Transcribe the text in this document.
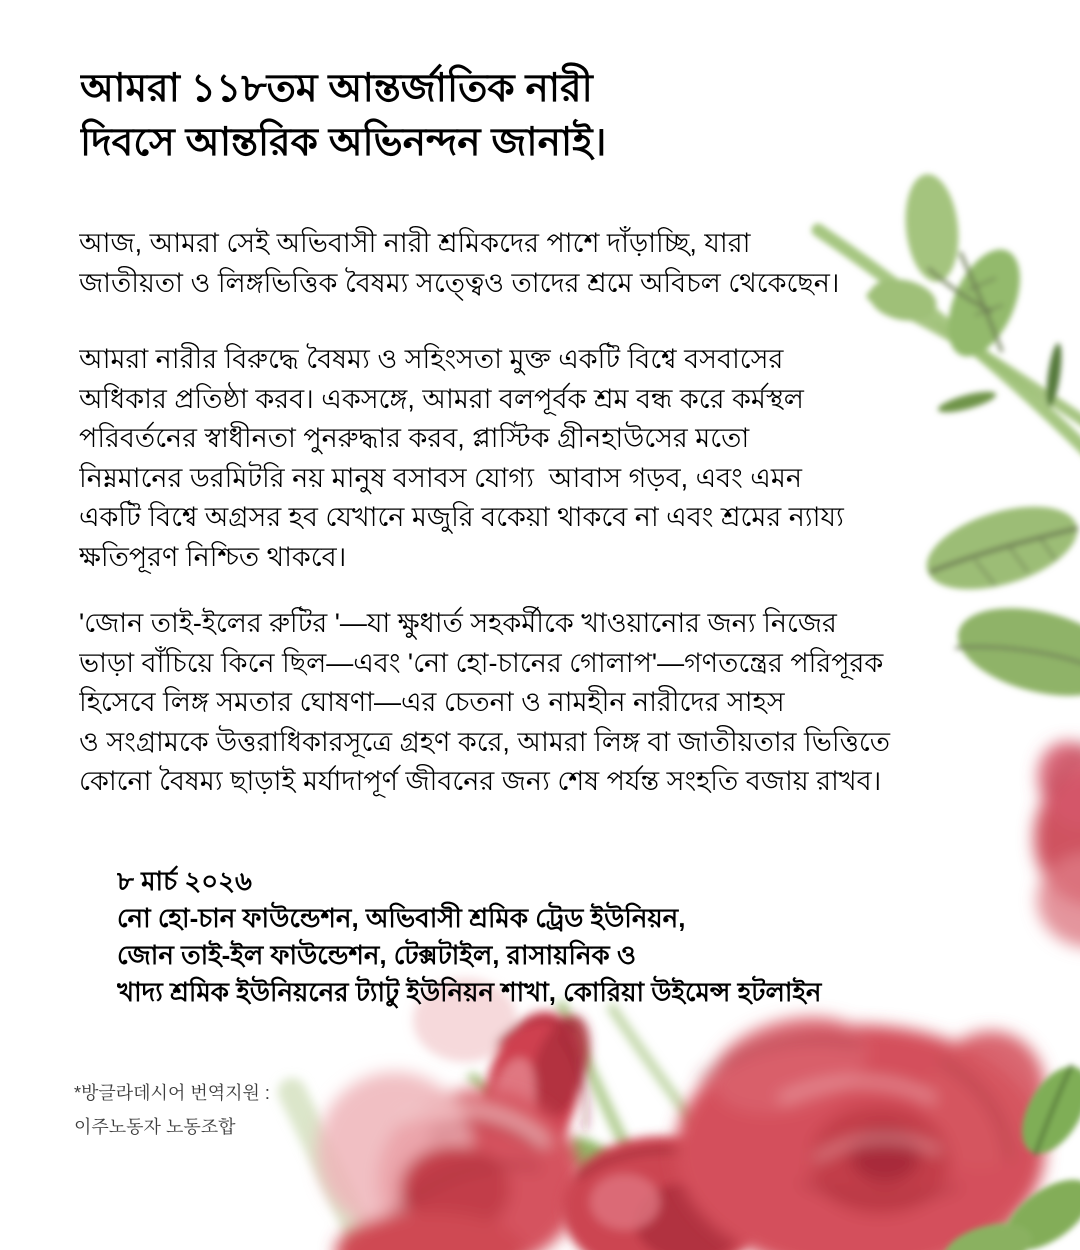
আমরা ১১৮তম আন্তর্জাতিক নারী
দিবসে আন্তরিক অভিনন্দন জানাই।
আজ, আমরা সেই অভিবাসী নারী শ্রমিকদের পাশে দাঁড়াচ্ছি, যারা
জাতীয়তা ও লিঙ্গভিত্তিক বৈষম্য সত্ত্বেও তাদের শ্রমে অবিচল থেকেছেন।
আমরা নারীর বিরুদ্ধে বৈষম্য ও সহিংসতা মুক্ত একটি বিশ্বে বসবাসের
অধিকার প্রতিষ্ঠা করব। একসঙ্গে, আমরা বলপূর্বক শ্রম বন্ধ করে কর্মস্থল
পরিবর্তনের স্বাধীনতা পুনরুদ্ধার করব, প্লাস্টিক গ্রীনহাউসের মতো
নিম্নমানের ডরমিটরি নয় মানুষ বসাবস যোগ্য  আবাস গড়ব, এবং এমন
একটি বিশ্বে অগ্রসর হব যেখানে মজুরি বকেয়া থাকবে না এবং শ্রমের ন্যায্য
ক্ষতিপূরণ নিশ্চিত থাকবে।
'জোন তাই-ইলের রুটির '—যা ক্ষুধার্ত সহকর্মীকে খাওয়ানোর জন্য নিজের
ভাড়া বাঁচিয়ে কিনে ছিল—এবং 'নো হো-চানের গোলাপ'—গণতন্ত্রের পরিপূরক
হিসেবে লিঙ্গ সমতার ঘোষণা—এর চেতনা ও নামহীন নারীদের সাহস
ও সংগ্রামকে উত্তরাধিকারসূত্রে গ্রহণ করে, আমরা লিঙ্গ বা জাতীয়তার ভিত্তিতে
কোনো বৈষম্য ছাড়াই মর্যাদাপূর্ণ জীবনের জন্য শেষ পর্যন্ত সংহতি বজায় রাখব।
৮ মার্চ ২০২৬
নো হো-চান ফাউন্ডেশন, অভিবাসী শ্রমিক ট্রেড ইউনিয়ন,
জোন তাই-ইল ফাউন্ডেশন, টেক্সটাইল, রাসায়নিক ও
খাদ্য শ্রমিক ইউনিয়নের ট্যাটু ইউনিয়ন শাখা, কোরিয়া উইমেন্স হটলাইন
*방글라데시어 번역지원 :
이주노동자 노동조합
